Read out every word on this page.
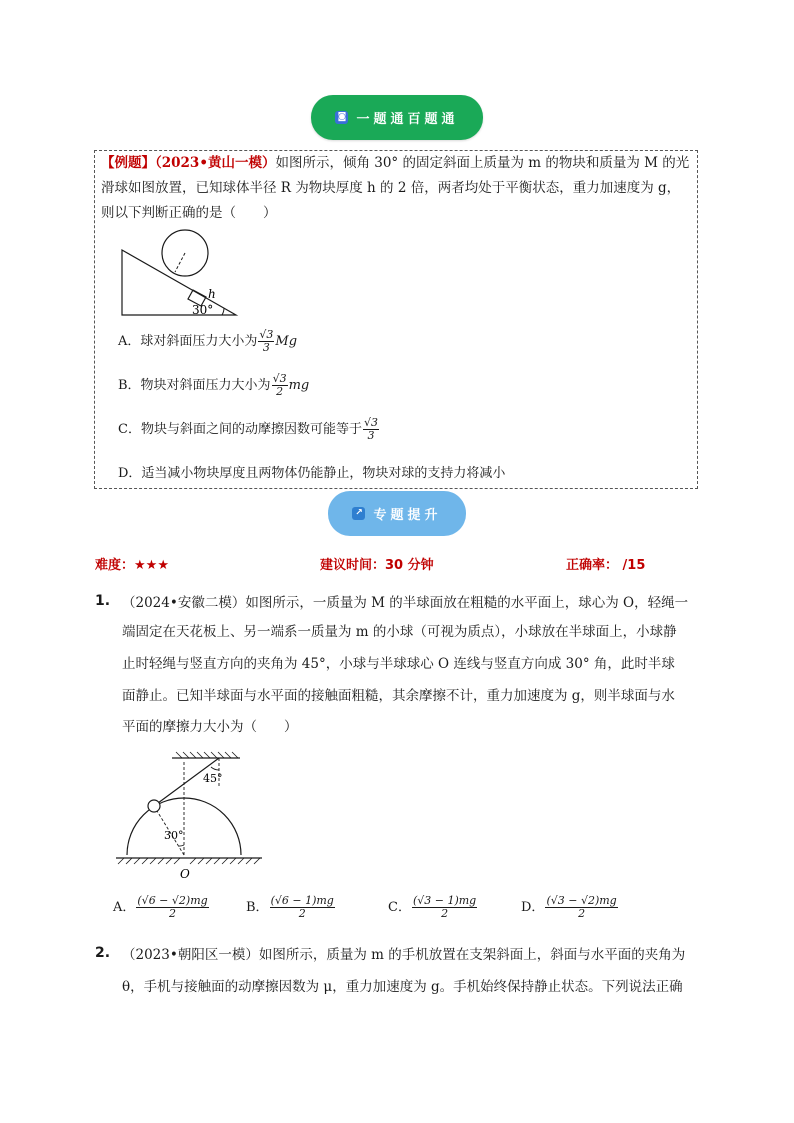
◙ 一题通百题通
【例题】（2023•黄山一模）如图所示，倾角 30° 的固定斜面上质量为 m 的物块和质量为 M 的光
滑球如图放置，已知球体半径 R 为物块厚度 h 的 2 倍，两者均处于平衡状态，重力加速度为 g，
则以下判断正确的是（　　）
30°
h
A．球对斜面压力大小为 $\frac{√3}{3}$ Mg
B．物块对斜面压力大小为 $\frac{√3}{2}$ mg
C．物块与斜面之间的动摩擦因数可能等于 $\frac{√3}{3}$
D．适当减小物块厚度且两物体仍能静止，物块对球的支持力将减小
↗ 专题提升
难度：★★★	建议时间：30 分钟	正确率： /15
1. （2024•安徽二模）如图所示，一质量为 M 的半球面放在粗糙的水平面上，球心为 O，轻绳一
端固定在天花板上、另一端系一质量为 m 的小球（可视为质点），小球放在半球面上，小球静
止时轻绳与竖直方向的夹角为 45°，小球与半球球心 O 连线与竖直方向成 30° 角，此时半球
面静止。已知半球面与水平面的接触面粗糙，其余摩擦不计，重力加速度为 g，则半球面与水
平面的摩擦力大小为（　　）
45°
30°
O
A． $\frac{(√6 - √2)mg}{2}$	B． $\frac{(√6 - 1)mg}{2}$	C． $\frac{(√3 - 1)mg}{2}$	D． $\frac{(√3 - √2)mg}{2}$
2. （2023•朝阳区一模）如图所示，质量为 m 的手机放置在支架斜面上，斜面与水平面的夹角为
θ，手机与接触面的动摩擦因数为 μ，重力加速度为 g。手机始终保持静止状态。下列说法正确
